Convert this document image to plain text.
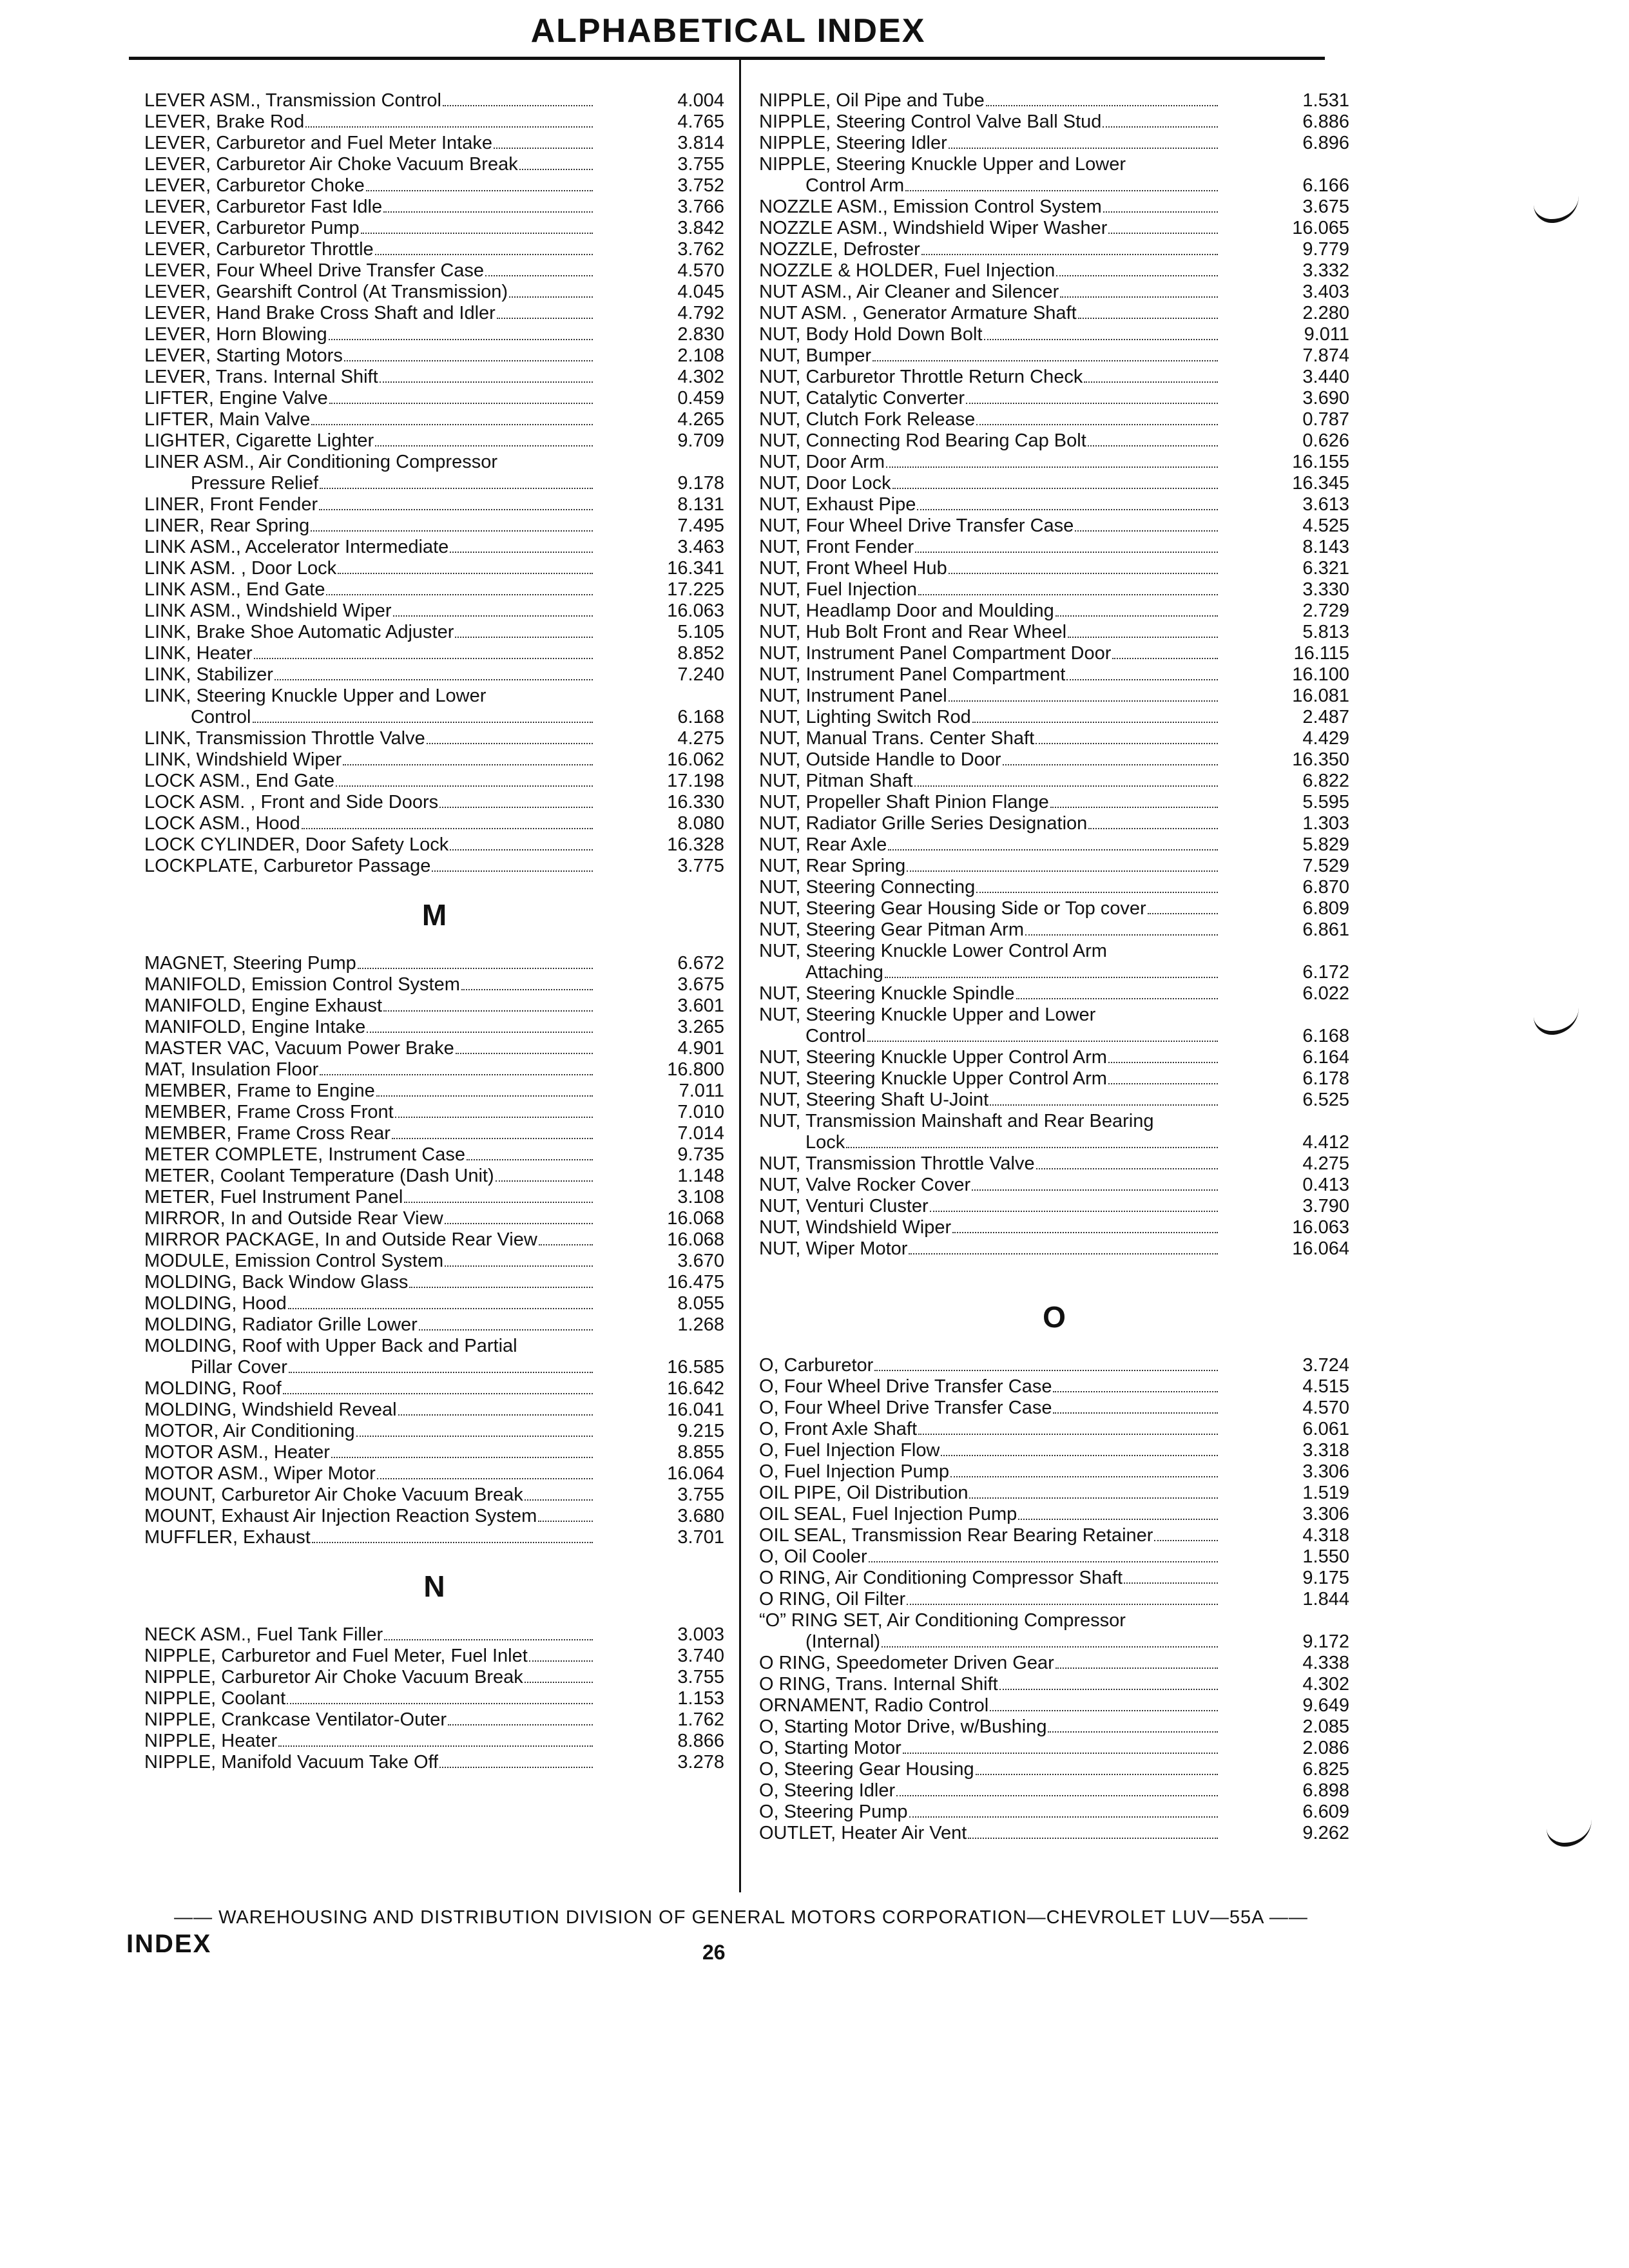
ALPHABETICAL INDEX
LEVER ASM., Transmission Control	4.004
LEVER, Brake Rod	4.765
LEVER, Carburetor and Fuel Meter Intake	3.814
LEVER, Carburetor Air Choke Vacuum Break	3.755
LEVER, Carburetor Choke	3.752
LEVER, Carburetor Fast Idle	3.766
LEVER, Carburetor Pump	3.842
LEVER, Carburetor Throttle	3.762
LEVER, Four Wheel Drive Transfer Case	4.570
LEVER, Gearshift Control (At Transmission)	4.045
LEVER, Hand Brake Cross Shaft and Idler	4.792
LEVER, Horn Blowing	2.830
LEVER, Starting Motors	2.108
LEVER, Trans. Internal Shift	4.302
LIFTER, Engine Valve	0.459
LIFTER, Main Valve	4.265
LIGHTER, Cigarette Lighter	9.709
LINER ASM., Air Conditioning Compressor
Pressure Relief	9.178
LINER, Front Fender	8.131
LINER, Rear Spring	7.495
LINK ASM., Accelerator Intermediate	3.463
LINK ASM. , Door Lock	16.341
LINK ASM., End Gate	17.225
LINK ASM., Windshield Wiper	16.063
LINK, Brake Shoe Automatic Adjuster	5.105
LINK, Heater	8.852
LINK, Stabilizer	7.240
LINK, Steering Knuckle Upper and Lower
Control	6.168
LINK, Transmission Throttle Valve	4.275
LINK, Windshield Wiper	16.062
LOCK ASM., End Gate	17.198
LOCK ASM. , Front and Side Doors	16.330
LOCK ASM., Hood	8.080
LOCK CYLINDER, Door Safety Lock	16.328
LOCKPLATE, Carburetor Passage	3.775
M
MAGNET, Steering Pump	6.672
MANIFOLD, Emission Control System	3.675
MANIFOLD, Engine Exhaust	3.601
MANIFOLD, Engine Intake	3.265
MASTER VAC, Vacuum Power Brake	4.901
MAT, Insulation Floor	16.800
MEMBER, Frame to Engine	7.011
MEMBER, Frame Cross Front	7.010
MEMBER, Frame Cross Rear	7.014
METER COMPLETE, Instrument Case	9.735
METER, Coolant Temperature (Dash Unit)	1.148
METER, Fuel Instrument Panel	3.108
MIRROR, In and Outside Rear View	16.068
MIRROR PACKAGE, In and Outside Rear View	16.068
MODULE, Emission Control System	3.670
MOLDING, Back Window Glass	16.475
MOLDING, Hood	8.055
MOLDING, Radiator Grille Lower	1.268
MOLDING, Roof with Upper Back and Partial
Pillar Cover	16.585
MOLDING, Roof	16.642
MOLDING, Windshield Reveal	16.041
MOTOR, Air Conditioning	9.215
MOTOR ASM., Heater	8.855
MOTOR ASM., Wiper Motor	16.064
MOUNT, Carburetor Air Choke Vacuum Break	3.755
MOUNT, Exhaust Air Injection Reaction System	3.680
MUFFLER, Exhaust	3.701
N
NECK ASM., Fuel Tank Filler	3.003
NIPPLE, Carburetor and Fuel Meter, Fuel Inlet	3.740
NIPPLE, Carburetor Air Choke Vacuum Break	3.755
NIPPLE, Coolant	1.153
NIPPLE, Crankcase Ventilator-Outer	1.762
NIPPLE, Heater	8.866
NIPPLE, Manifold Vacuum Take Off	3.278
NIPPLE, Oil Pipe and Tube	1.531
NIPPLE, Steering Control Valve Ball Stud	6.886
NIPPLE, Steering Idler	6.896
NIPPLE, Steering Knuckle Upper and Lower
Control Arm	6.166
NOZZLE ASM., Emission Control System	3.675
NOZZLE ASM., Windshield Wiper Washer	16.065
NOZZLE, Defroster	9.779
NOZZLE & HOLDER, Fuel Injection	3.332
NUT ASM., Air Cleaner and Silencer	3.403
NUT ASM. , Generator Armature Shaft	2.280
NUT, Body Hold Down Bolt	9.011
NUT, Bumper	7.874
NUT, Carburetor Throttle Return Check	3.440
NUT, Catalytic Converter	3.690
NUT, Clutch Fork Release	0.787
NUT, Connecting Rod Bearing Cap Bolt	0.626
NUT, Door Arm	16.155
NUT, Door Lock	16.345
NUT, Exhaust Pipe	3.613
NUT, Four Wheel Drive Transfer Case	4.525
NUT, Front Fender	8.143
NUT, Front Wheel Hub	6.321
NUT, Fuel Injection	3.330
NUT, Headlamp Door and Moulding	2.729
NUT, Hub Bolt Front and Rear Wheel	5.813
NUT, Instrument Panel Compartment Door	16.115
NUT, Instrument Panel Compartment	16.100
NUT, Instrument Panel	16.081
NUT, Lighting Switch Rod	2.487
NUT, Manual Trans. Center Shaft	4.429
NUT, Outside Handle to Door	16.350
NUT, Pitman Shaft	6.822
NUT, Propeller Shaft Pinion Flange	5.595
NUT, Radiator Grille Series Designation	1.303
NUT, Rear Axle	5.829
NUT, Rear Spring	7.529
NUT, Steering Connecting	6.870
NUT, Steering Gear Housing Side or Top cover	6.809
NUT, Steering Gear Pitman Arm	6.861
NUT, Steering Knuckle Lower Control Arm
Attaching	6.172
NUT, Steering Knuckle Spindle	6.022
NUT, Steering Knuckle Upper and Lower
Control	6.168
NUT, Steering Knuckle Upper Control Arm	6.164
NUT, Steering Knuckle Upper Control Arm	6.178
NUT, Steering Shaft U-Joint	6.525
NUT, Transmission Mainshaft and Rear Bearing
Lock	4.412
NUT, Transmission Throttle Valve	4.275
NUT, Valve Rocker Cover	0.413
NUT, Venturi Cluster	3.790
NUT, Windshield Wiper	16.063
NUT, Wiper Motor	16.064
O
O, Carburetor	3.724
O, Four Wheel Drive Transfer Case	4.515
O, Four Wheel Drive Transfer Case	4.570
O, Front Axle Shaft	6.061
O, Fuel Injection Flow	3.318
O, Fuel Injection Pump	3.306
OIL PIPE, Oil Distribution	1.519
OIL SEAL, Fuel Injection Pump	3.306
OIL SEAL, Transmission Rear Bearing Retainer	4.318
O, Oil Cooler	1.550
O RING, Air Conditioning Compressor Shaft	9.175
O RING, Oil Filter	1.844
“O” RING SET, Air Conditioning Compressor
(Internal)	9.172
O RING, Speedometer Driven Gear	4.338
O RING, Trans. Internal Shift	4.302
ORNAMENT, Radio Control	9.649
O, Starting Motor Drive, w/Bushing	2.085
O, Starting Motor	2.086
O, Steering Gear Housing	6.825
O, Steering Idler	6.898
O, Steering Pump	6.609
OUTLET, Heater Air Vent	9.262
—— WAREHOUSING AND DISTRIBUTION DIVISION OF GENERAL MOTORS CORPORATION—CHEVROLET LUV—55A ——
INDEX	26
